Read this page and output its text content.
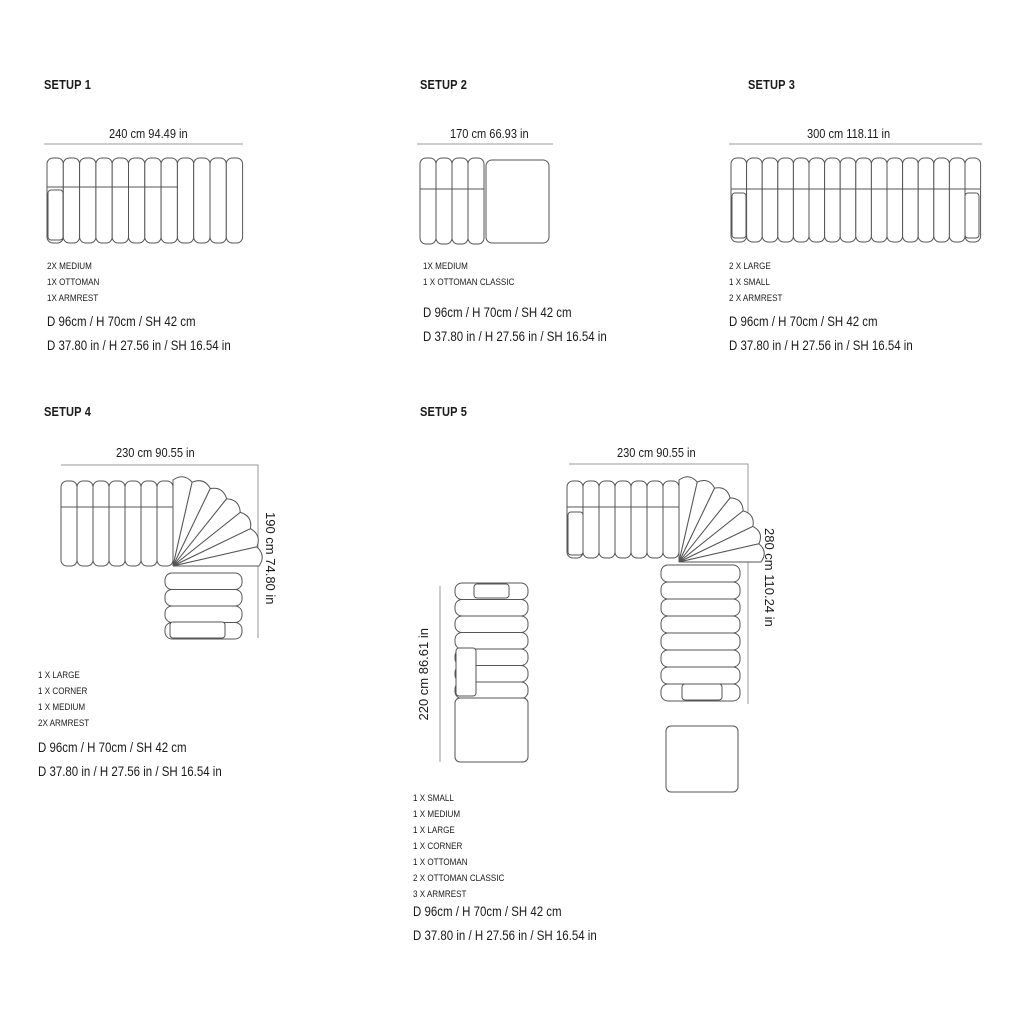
SETUP 1
240 cm 94.49 in
2X MEDIUM
1X OTTOMAN
1X ARMREST
D 96cm / H 70cm / SH 42 cm
D 37.80 in / H 27.56 in / SH 16.54 in
SETUP 2
170 cm 66.93 in
1X MEDIUM
1 X OTTOMAN CLASSIC
D 96cm / H 70cm / SH 42 cm
D 37.80 in / H 27.56 in / SH 16.54 in
SETUP 3
300 cm 118.11 in
2 X LARGE
1 X SMALL
2 X ARMREST
D 96cm / H 70cm / SH 42 cm
D 37.80 in / H 27.56 in / SH 16.54 in
SETUP 4
230 cm 90.55 in
190 cm 74.80 in
1 X LARGE
1 X CORNER
1 X MEDIUM
2X ARMREST
D 96cm / H 70cm / SH 42 cm
D 37.80 in / H 27.56 in / SH 16.54 in
SETUP 5
230 cm 90.55 in
280 cm 110.24 in
220 cm 86.61 in
1 X SMALL
1 X MEDIUM
1 X LARGE
1 X CORNER
1 X OTTOMAN
2 X OTTOMAN CLASSIC
3 X ARMREST
D 96cm / H 70cm / SH 42 cm
D 37.80 in / H 27.56 in / SH 16.54 in
